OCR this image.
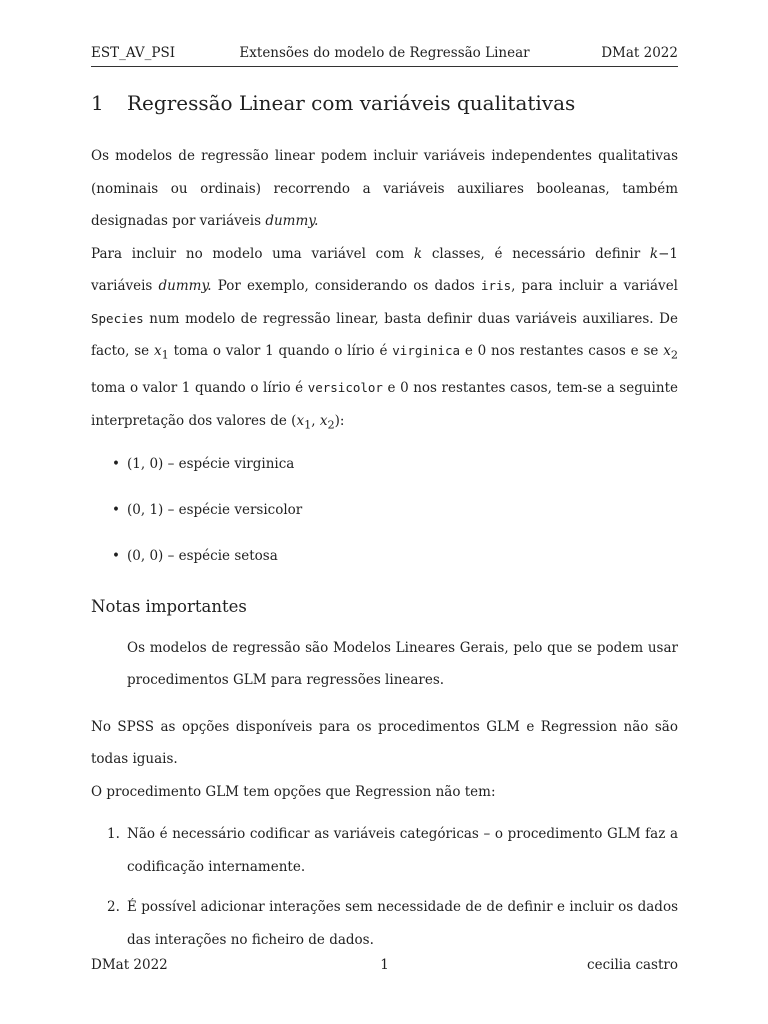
EST_AV_PSI	Extensões do modelo de Regressão Linear	DMat 2022
1 Regressão Linear com variáveis qualitativas

Os modelos de regressão linear podem incluir variáveis independentes qualitativas (nominais ou ordinais) recorrendo a variáveis auxiliares booleanas, também designadas por variáveis dummy.

Para incluir no modelo uma variável com k classes, é necessário definir k−1 variáveis dummy. Por exemplo, considerando os dados iris, para incluir a variável Species num modelo de regressão linear, basta definir duas variáveis auxiliares. De facto, se $x_1$ toma o valor 1 quando o lírio é virginica e 0 nos restantes casos e se $x_2$ toma o valor 1 quando o lírio é versicolor e 0 nos restantes casos, tem-se a seguinte interpretação dos valores de ($x_1$, $x_2$):

• (1, 0) – espécie virginica
• (0, 1) – espécie versicolor
• (0, 0) – espécie setosa
Notas importantes

Os modelos de regressão são Modelos Lineares Gerais, pelo que se podem usar procedimentos GLM para regressões lineares.

No SPSS as opções disponíveis para os procedimentos GLM e Regression não são todas iguais.

O procedimento GLM tem opções que Regression não tem:

1. Não é necessário codificar as variáveis categóricas – o procedimento GLM faz a codificação internamente.

2. É possível adicionar interações sem necessidade de de definir e incluir os dados das interações no ficheiro de dados.

DMat 2022	1	cecilia castro
